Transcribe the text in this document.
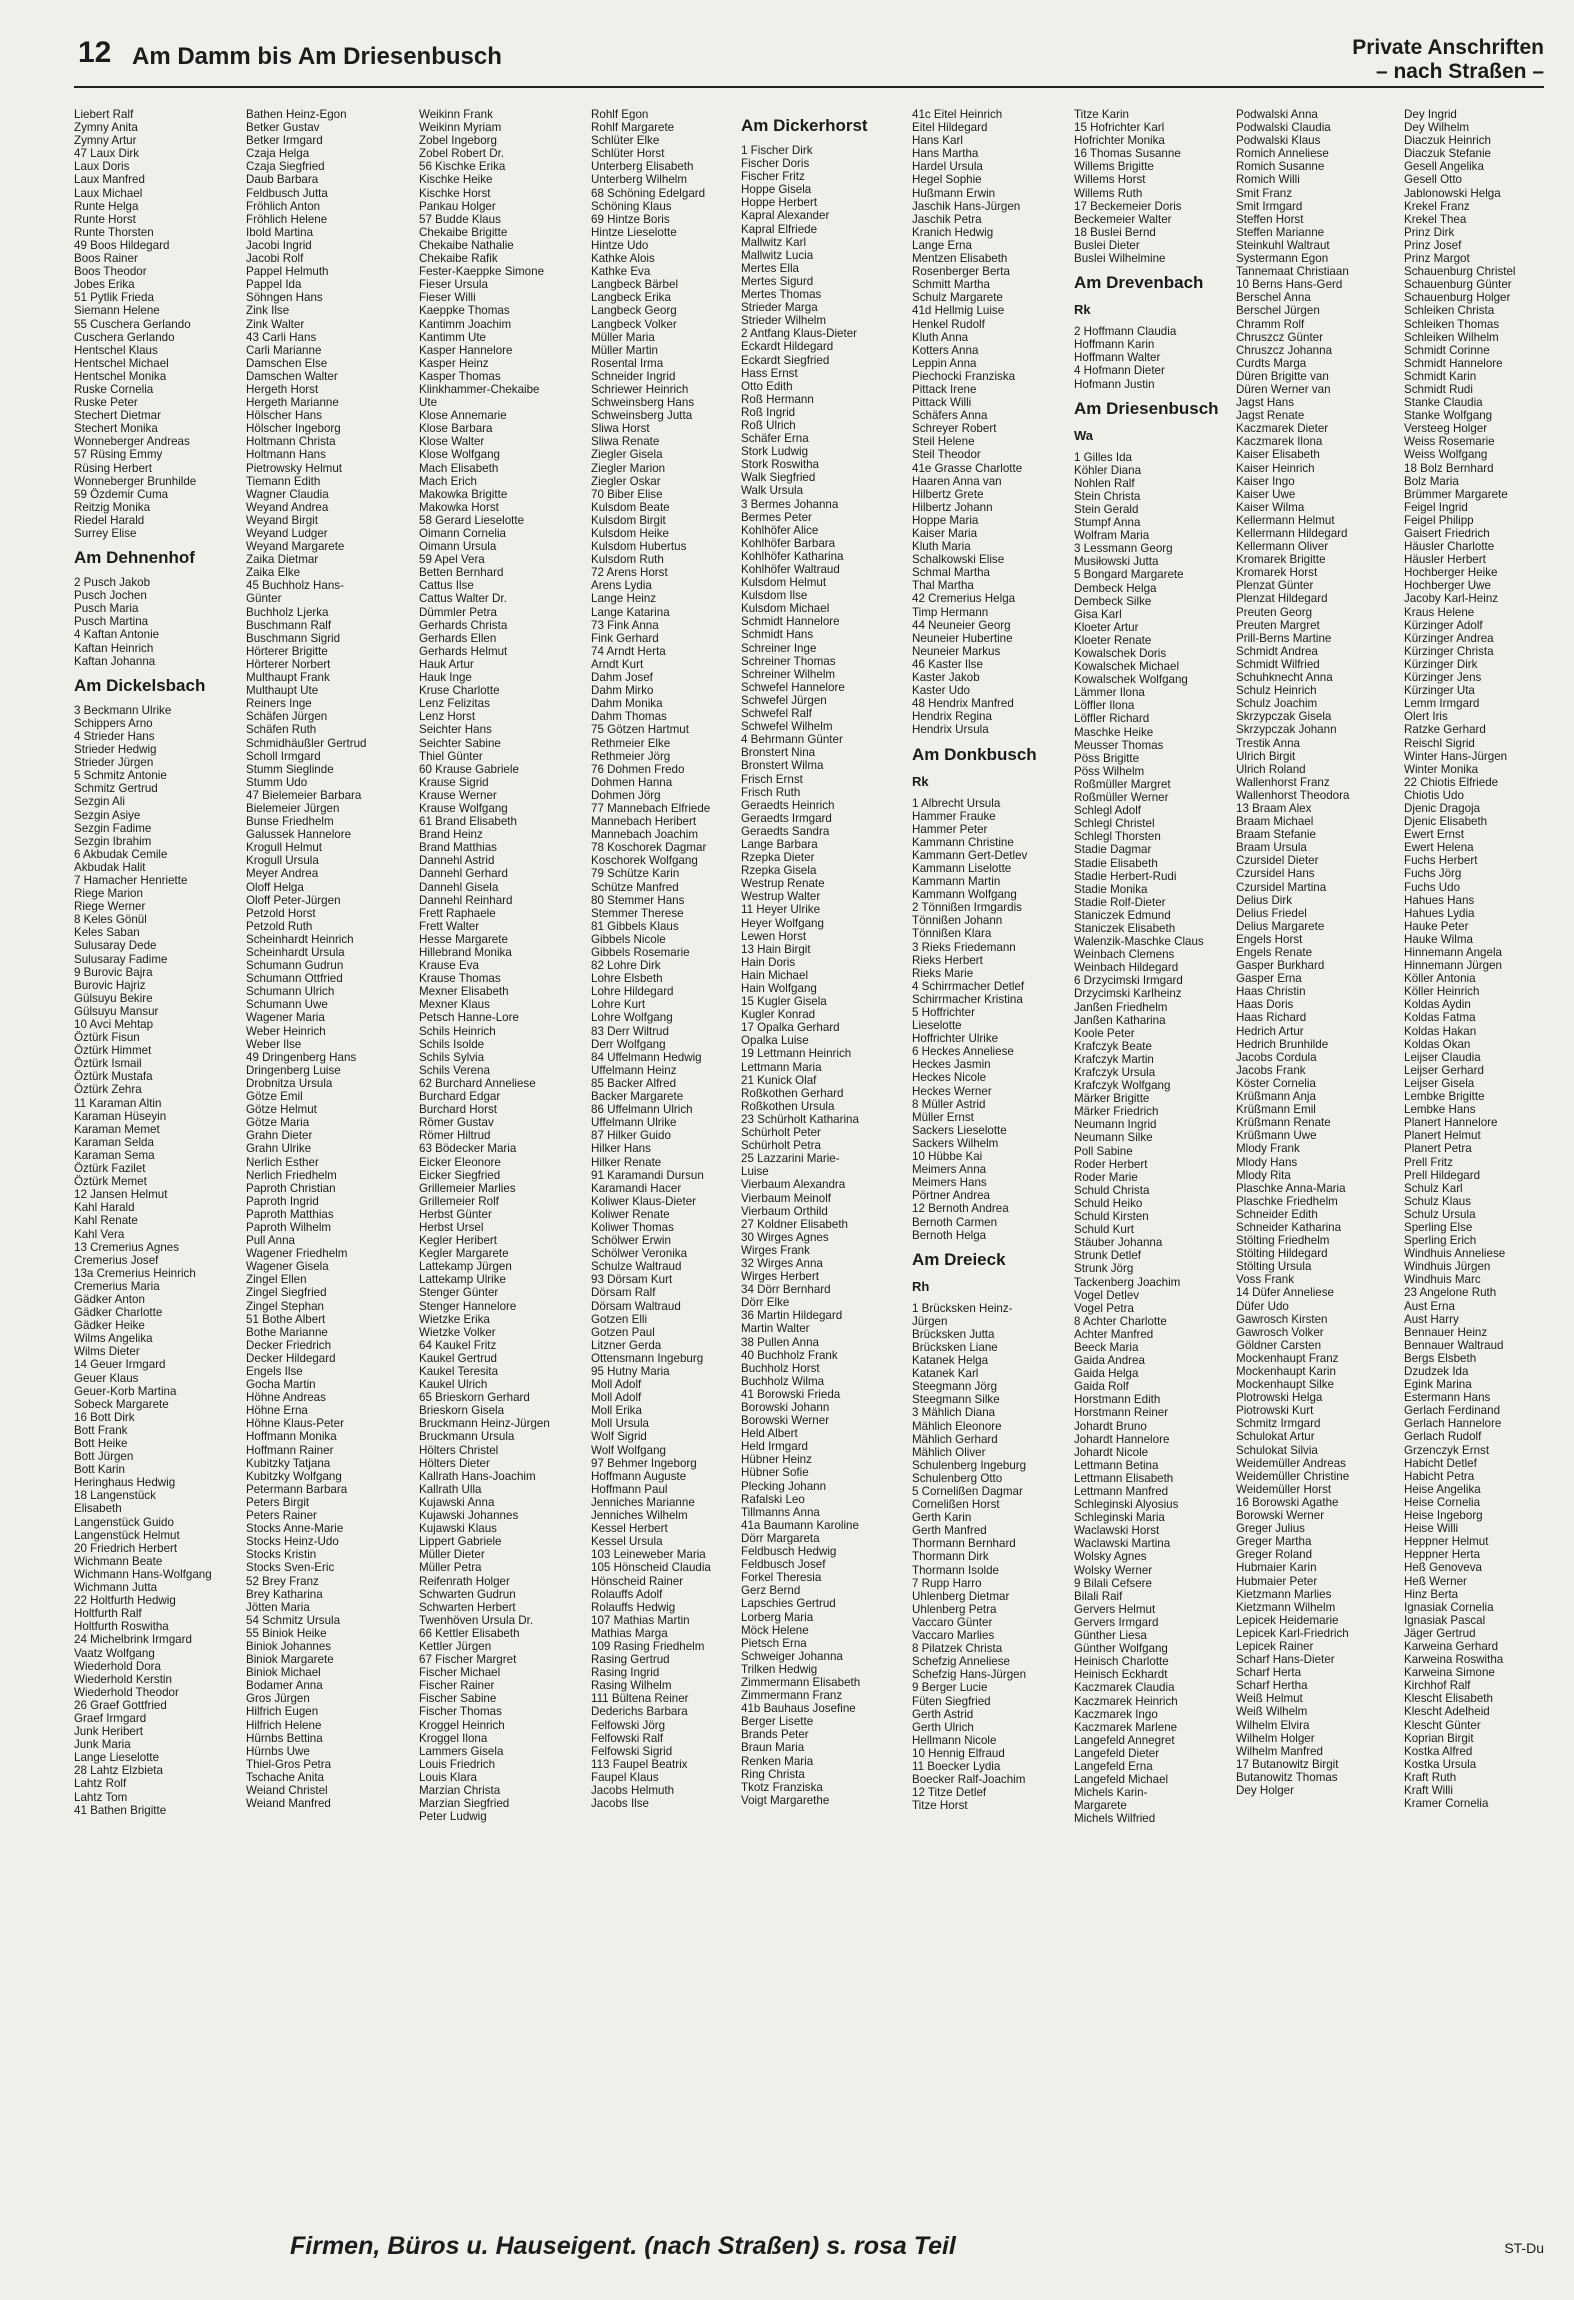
12 Am Damm bis Am Driesenbusch	Private Anschriften
– nach Straßen –
Liebert Ralf
Zymny Anita
Zymny Artur
47 Laux Dirk
Laux Doris
Laux Manfred
Laux Michael
Runte Helga
Runte Horst
Runte Thorsten
49 Boos Hildegard
Boos Rainer
Boos Theodor
Jobes Erika
51 Pytlik Frieda
Siemann Helene
55 Cuschera Gerlando
Cuschera Gerlando
Hentschel Klaus
Hentschel Michael
Hentschel Monika
Ruske Cornelia
Ruske Peter
Stechert Dietmar
Stechert Monika
Wonneberger Andreas
57 Rüsing Emmy
Rüsing Herbert
Wonneberger Brunhilde
59 Özdemir Cuma
Reitzig Monika
Riedel Harald
Surrey Elise
Am Dehnenhof
2 Pusch Jakob
Pusch Jochen
Pusch Maria
Pusch Martina
4 Kaftan Antonie
Kaftan Heinrich
Kaftan Johanna
Am Dickelsbach
3 Beckmann Ulrike
Schippers Arno
4 Strieder Hans
Strieder Hedwig
Strieder Jürgen
5 Schmitz Antonie
Schmitz Gertrud
Sezgin Ali
Sezgin Asiye
Sezgin Fadime
Sezgin Ibrahim
6 Akbudak Cemile
Akbudak Halit
7 Hamacher Henriette
Riege Marion
Riege Werner
8 Keles Gönül
Keles Saban
Sulusaray Dede
Sulusaray Fadime
9 Burovic Bajra
Burovic Hajriz
Gülsuyu Bekire
Gülsuyu Mansur
10 Avci Mehtap
Öztürk Fisun
Öztürk Himmet
Öztürk Ismail
Öztürk Mustafa
Öztürk Zehra
11 Karaman Altin
Karaman Hüseyin
Karaman Memet
Karaman Selda
Karaman Sema
Öztürk Fazilet
Öztürk Memet
12 Jansen Helmut
Kahl Harald
Kahl Renate
Kahl Vera
13 Cremerius Agnes
Cremerius Josef
13a Cremerius Heinrich
Cremerius Maria
Gädker Anton
Gädker Charlotte
Gädker Heike
Wilms Angelika
Wilms Dieter
14 Geuer Irmgard
Geuer Klaus
Geuer-Korb Martina
Sobeck Margarete
16 Bott Dirk
Bott Frank
Bott Heike
Bott Jürgen
Bott Karin
Heringhaus Hedwig
18 Langenstück
Elisabeth
Langenstück Guido
Langenstück Helmut
20 Friedrich Herbert
Wichmann Beate
Wichmann Hans-Wolfgang
Wichmann Jutta
22 Holtfurth Hedwig
Holtfurth Ralf
Holtfurth Roswitha
24 Michelbrink Irmgard
Vaatz Wolfgang
Wiederhold Dora
Wiederhold Kerstin
Wiederhold Theodor
26 Graef Gottfried
Graef Irmgard
Junk Heribert
Junk Maria
Lange Lieselotte
28 Lahtz Elzbieta
Lahtz Rolf
Lahtz Tom
41 Bathen Brigitte
Bathen Heinz-Egon
Betker Gustav
Betker Irmgard
Czaja Helga
Czaja Siegfried
Daub Barbara
Feldbusch Jutta
Fröhlich Anton
Fröhlich Helene
Ibold Martina
Jacobi Ingrid
Jacobi Rolf
Pappel Helmuth
Pappel Ida
Söhngen Hans
Zink Ilse
Zink Walter
43 Carli Hans
Carli Marianne
Damschen Else
Damschen Walter
Hergeth Horst
Hergeth Marianne
Hölscher Hans
Hölscher Ingeborg
Holtmann Christa
Holtmann Hans
Pietrowsky Helmut
Tiemann Edith
Wagner Claudia
Weyand Andrea
Weyand Birgit
Weyand Ludger
Weyand Margarete
Zaika Dietmar
Zaika Elke
45 Buchholz Hans-
Günter
Buchholz Ljerka
Buschmann Ralf
Buschmann Sigrid
Hörterer Brigitte
Hörterer Norbert
Multhaupt Frank
Multhaupt Ute
Reiners Inge
Schäfen Jürgen
Schäfen Ruth
Schmidhäußler Gertrud
Scholl Irmgard
Stumm Sieglinde
Stumm Udo
47 Bielemeier Barbara
Bielemeier Jürgen
Bunse Friedhelm
Galussek Hannelore
Krogull Helmut
Krogull Ursula
Meyer Andrea
Oloff Helga
Oloff Peter-Jürgen
Petzold Horst
Petzold Ruth
Scheinhardt Heinrich
Scheinhardt Ursula
Schumann Gudrun
Schumann Ottfried
Schumann Ulrich
Schumann Uwe
Wagener Maria
Weber Heinrich
Weber Ilse
49 Dringenberg Hans
Dringenberg Luise
Drobnitza Ursula
Götze Emil
Götze Helmut
Götze Maria
Grahn Dieter
Grahn Ulrike
Nerlich Esther
Nerlich Friedhelm
Paproth Christian
Paproth Ingrid
Paproth Matthias
Paproth Wilhelm
Pull Anna
Wagener Friedhelm
Wagener Gisela
Zingel Ellen
Zingel Siegfried
Zingel Stephan
51 Bothe Albert
Bothe Marianne
Decker Friedrich
Decker Hildegard
Engels Ilse
Gocha Martin
Höhne Andreas
Höhne Erna
Höhne Klaus-Peter
Hoffmann Monika
Hoffmann Rainer
Kubitzky Tatjana
Kubitzky Wolfgang
Petermann Barbara
Peters Birgit
Peters Rainer
Stocks Anne-Marie
Stocks Heinz-Udo
Stocks Kristin
Stocks Sven-Eric
52 Brey Franz
Brey Katharina
Jötten Maria
54 Schmitz Ursula
55 Biniok Heike
Biniok Johannes
Biniok Margarete
Biniok Michael
Bodamer Anna
Gros Jürgen
Hilfrich Eugen
Hilfrich Helene
Hürnbs Bettina
Hürnbs Uwe
Thiel-Gros Petra
Tschache Anita
Weiand Christel
Weiand Manfred
Weikinn Frank
Weikinn Myriam
Zobel Ingeborg
Zobel Robert Dr.
56 Kischke Erika
Kischke Heike
Kischke Horst
Pankau Holger
57 Budde Klaus
Chekaibe Brigitte
Chekaibe Nathalie
Chekaibe Rafik
Fester-Kaeppke Simone
Fieser Ursula
Fieser Willi
Kaeppke Thomas
Kantimm Joachim
Kantimm Ute
Kasper Hannelore
Kasper Heinz
Kasper Thomas
Klinkhammer-Chekaibe
Ute
Klose Annemarie
Klose Barbara
Klose Walter
Klose Wolfgang
Mach Elisabeth
Mach Erich
Makowka Brigitte
Makowka Horst
58 Gerard Lieselotte
Oimann Cornelia
Oimann Ursula
59 Apel Vera
Betten Bernhard
Cattus Ilse
Cattus Walter Dr.
Dümmler Petra
Gerhards Christa
Gerhards Ellen
Gerhards Helmut
Hauk Artur
Hauk Inge
Kruse Charlotte
Lenz Felizitas
Lenz Horst
Seichter Hans
Seichter Sabine
Thiel Günter
60 Krause Gabriele
Krause Sigrid
Krause Werner
Krause Wolfgang
61 Brand Elisabeth
Brand Heinz
Brand Matthias
Dannehl Astrid
Dannehl Gerhard
Dannehl Gisela
Dannehl Reinhard
Frett Raphaele
Frett Walter
Hesse Margarete
Hillebrand Monika
Krause Eva
Krause Thomas
Mexner Elisabeth
Mexner Klaus
Petsch Hanne-Lore
Schils Heinrich
Schils Isolde
Schils Sylvia
Schils Verena
62 Burchard Anneliese
Burchard Edgar
Burchard Horst
Römer Gustav
Römer Hiltrud
63 Bödecker Maria
Eicker Eleonore
Eicker Siegfried
Grillemeier Marlies
Grillemeier Rolf
Herbst Günter
Herbst Ursel
Kegler Heribert
Kegler Margarete
Lattekamp Jürgen
Lattekamp Ulrike
Stenger Günter
Stenger Hannelore
Wietzke Erika
Wietzke Volker
64 Kaukel Fritz
Kaukel Gertrud
Kaukel Teresita
Kaukel Ulrich
65 Brieskorn Gerhard
Brieskorn Gisela
Bruckmann Heinz-Jürgen
Bruckmann Ursula
Hölters Christel
Hölters Dieter
Kallrath Hans-Joachim
Kallrath Ulla
Kujawski Anna
Kujawski Johannes
Kujawski Klaus
Lippert Gabriele
Müller Dieter
Müller Petra
Reifenrath Holger
Schwarten Gudrun
Schwarten Herbert
Twenhöven Ursula Dr.
66 Kettler Elisabeth
Kettler Jürgen
67 Fischer Margret
Fischer Michael
Fischer Rainer
Fischer Sabine
Fischer Thomas
Kroggel Heinrich
Kroggel Ilona
Lammers Gisela
Louis Friedrich
Louis Klara
Marzian Christa
Marzian Siegfried
Peter Ludwig
Rohlf Egon
Rohlf Margarete
Schlüter Elke
Schlüter Horst
Unterberg Elisabeth
Unterberg Wilhelm
68 Schöning Edelgard
Schöning Klaus
69 Hintze Boris
Hintze Lieselotte
Hintze Udo
Kathke Alois
Kathke Eva
Langbeck Bärbel
Langbeck Erika
Langbeck Georg
Langbeck Volker
Müller Maria
Müller Martin
Rosental Irma
Schneider Ingrid
Schriewer Heinrich
Schweinsberg Hans
Schweinsberg Jutta
Sliwa Horst
Sliwa Renate
Ziegler Gisela
Ziegler Marion
Ziegler Oskar
70 Biber Elise
Kulsdom Beate
Kulsdom Birgit
Kulsdom Heike
Kulsdom Hubertus
Kulsdom Ruth
72 Arens Horst
Arens Lydia
Lange Heinz
Lange Katarina
73 Fink Anna
Fink Gerhard
74 Arndt Herta
Arndt Kurt
Dahm Josef
Dahm Mirko
Dahm Monika
Dahm Thomas
75 Götzen Hartmut
Rethmeier Elke
Rethmeier Jörg
76 Dohmen Fredo
Dohmen Hanna
Dohmen Jörg
77 Mannebach Elfriede
Mannebach Heribert
Mannebach Joachim
78 Koschorek Dagmar
Koschorek Wolfgang
79 Schütze Karin
Schütze Manfred
80 Stemmer Hans
Stemmer Therese
81 Gibbels Klaus
Gibbels Nicole
Gibbels Rosemarie
82 Lohre Dirk
Lohre Elsbeth
Lohre Hildegard
Lohre Kurt
Lohre Wolfgang
83 Derr Wiltrud
Derr Wolfgang
84 Uffelmann Hedwig
Uffelmann Heinz
85 Backer Alfred
Backer Margarete
86 Uffelmann Ulrich
Uffelmann Ulrike
87 Hilker Guido
Hilker Hans
Hilker Renate
91 Karamandi Dursun
Karamandi Hacer
Koliwer Klaus-Dieter
Koliwer Renate
Koliwer Thomas
Schölwer Erwin
Schölwer Veronika
Schulze Waltraud
93 Dörsam Kurt
Dörsam Ralf
Dörsam Waltraud
Gotzen Elli
Gotzen Paul
Litzner Gerda
Ottensmann Ingeburg
95 Hutny Maria
Moll Adolf
Moll Adolf
Moll Erika
Moll Ursula
Wolf Sigrid
Wolf Wolfgang
97 Behmer Ingeborg
Hoffmann Auguste
Hoffmann Paul
Jenniches Marianne
Jenniches Wilhelm
Kessel Herbert
Kessel Ursula
103 Leineweber Maria
105 Hönscheid Claudia
Hönscheid Rainer
Rolauffs Adolf
Rolauffs Hedwig
107 Mathias Martin
Mathias Marga
109 Rasing Friedhelm
Rasing Gertrud
Rasing Ingrid
Rasing Wilhelm
111 Bültena Reiner
Dederichs Barbara
Felfowski Jörg
Felfowski Ralf
Felfowski Sigrid
113 Faupel Beatrix
Faupel Klaus
Jacobs Helmuth
Jacobs Ilse
Am Dickerhorst
1 Fischer Dirk
Fischer Doris
Fischer Fritz
Hoppe Gisela
Hoppe Herbert
Kapral Alexander
Kapral Elfriede
Mallwitz Karl
Mallwitz Lucia
Mertes Ella
Mertes Sigurd
Mertes Thomas
Strieder Marga
Strieder Wilhelm
2 Antfang Klaus-Dieter
Eckardt Hildegard
Eckardt Siegfried
Hass Ernst
Otto Edith
Roß Hermann
Roß Ingrid
Roß Ulrich
Schäfer Erna
Stork Ludwig
Stork Roswitha
Walk Siegfried
Walk Ursula
3 Bermes Johanna
Bermes Peter
Kohlhöfer Alice
Kohlhöfer Barbara
Kohlhöfer Katharina
Kohlhöfer Waltraud
Kulsdom Helmut
Kulsdom Ilse
Kulsdom Michael
Schmidt Hannelore
Schmidt Hans
Schreiner Inge
Schreiner Thomas
Schreiner Wilhelm
Schwefel Hannelore
Schwefel Jürgen
Schwefel Ralf
Schwefel Wilhelm
4 Behrmann Günter
Bronstert Nina
Bronstert Wilma
Frisch Ernst
Frisch Ruth
Geraedts Heinrich
Geraedts Irmgard
Geraedts Sandra
Lange Barbara
Rzepka Dieter
Rzepka Gisela
Westrup Renate
Westrup Walter
11 Heyer Ulrike
Heyer Wolfgang
Lewen Horst
13 Hain Birgit
Hain Doris
Hain Michael
Hain Wolfgang
15 Kugler Gisela
Kugler Konrad
17 Opalka Gerhard
Opalka Luise
19 Lettmann Heinrich
Lettmann Maria
21 Kunick Olaf
Roßkothen Gerhard
Roßkothen Ursula
23 Schürholt Katharina
Schürholt Peter
Schürholt Petra
25 Lazzarini Marie-
Luise
Vierbaum Alexandra
Vierbaum Meinolf
Vierbaum Orthild
27 Koldner Elisabeth
30 Wirges Agnes
Wirges Frank
32 Wirges Anna
Wirges Herbert
34 Dörr Bernhard
Dörr Elke
36 Martin Hildegard
Martin Walter
38 Pullen Anna
40 Buchholz Frank
Buchholz Horst
Buchholz Wilma
41 Borowski Frieda
Borowski Johann
Borowski Werner
Held Albert
Held Irmgard
Hübner Heinz
Hübner Sofie
Plecking Johann
Rafalski Leo
Tillmanns Anna
41a Baumann Karoline
Dörr Margareta
Feldbusch Hedwig
Feldbusch Josef
Forkel Theresia
Gerz Bernd
Lapschies Gertrud
Lorberg Maria
Möck Helene
Pietsch Erna
Schweiger Johanna
Trilken Hedwig
Zimmermann Elisabeth
Zimmermann Franz
41b Bauhaus Josefine
Berger Lisette
Brands Peter
Braun Maria
Renken Maria
Ring Christa
Tkotz Franziska
Voigt Margarethe
41c Eitel Heinrich
Eitel Hildegard
Hans Karl
Hans Martha
Hardel Ursula
Hegel Sophie
Hußmann Erwin
Jaschik Hans-Jürgen
Jaschik Petra
Kranich Hedwig
Lange Erna
Mentzen Elisabeth
Rosenberger Berta
Schmitt Martha
Schulz Margarete
41d Hellmig Luise
Henkel Rudolf
Kluth Anna
Kotters Anna
Leppin Anna
Piechocki Franziska
Pittack Irene
Pittack Willi
Schäfers Anna
Schreyer Robert
Steil Helene
Steil Theodor
41e Grasse Charlotte
Haaren Anna van
Hilbertz Grete
Hilbertz Johann
Hoppe Maria
Kaiser Maria
Kluth Maria
Schalkowski Elise
Schmal Martha
Thal Martha
42 Cremerius Helga
Timp Hermann
44 Neuneier Georg
Neuneier Hubertine
Neuneier Markus
46 Kaster Ilse
Kaster Jakob
Kaster Udo
48 Hendrix Manfred
Hendrix Regina
Hendrix Ursula
Am Donkbusch
Rk
1 Albrecht Ursula
Hammer Frauke
Hammer Peter
Kammann Christine
Kammann Gert-Detlev
Kammann Liselotte
Kammann Martin
Kammann Wolfgang
2 Tönnißen Irmgardis
Tönnißen Johann
Tönnißen Klara
3 Rieks Friedemann
Rieks Herbert
Rieks Marie
4 Schirrmacher Detlef
Schirrmacher Kristina
5 Hoffrichter
Lieselotte
Hoffrichter Ulrike
6 Heckes Anneliese
Heckes Jasmin
Heckes Nicole
Heckes Werner
8 Müller Astrid
Müller Ernst
Sackers Lieselotte
Sackers Wilhelm
10 Hübbe Kai
Meimers Anna
Meimers Hans
Pörtner Andrea
12 Bernoth Andrea
Bernoth Carmen
Bernoth Helga
Am Dreieck
Rh
1 Brücksken Heinz-
Jürgen
Brücksken Jutta
Brücksken Liane
Katanek Helga
Katanek Karl
Steegmann Jörg
Steegmann Silke
3 Mählich Diana
Mählich Eleonore
Mählich Gerhard
Mählich Oliver
Schulenberg Ingeburg
Schulenberg Otto
5 Cornelißen Dagmar
Cornelißen Horst
Gerth Karin
Gerth Manfred
Thormann Bernhard
Thormann Dirk
Thormann Isolde
7 Rupp Harro
Uhlenberg Dietmar
Uhlenberg Petra
Vaccaro Günter
Vaccaro Marlies
8 Pilatzek Christa
Schefzig Anneliese
Schefzig Hans-Jürgen
9 Berger Lucie
Füten Siegfried
Gerth Astrid
Gerth Ulrich
Hellmann Nicole
10 Hennig Elfraud
11 Boecker Lydia
Boecker Ralf-Joachim
12 Titze Detlef
Titze Horst
Titze Karin
15 Hofrichter Karl
Hofrichter Monika
16 Thomas Susanne
Willems Brigitte
Willems Horst
Willems Ruth
17 Beckemeier Doris
Beckemeier Walter
18 Buslei Bernd
Buslei Dieter
Buslei Wilhelmine
Am Drevenbach
Rk
2 Hoffmann Claudia
Hoffmann Karin
Hoffmann Walter
4 Hofmann Dieter
Hofmann Justin
Am Driesenbusch
Wa
1 Gilles Ida
Köhler Diana
Nohlen Ralf
Stein Christa
Stein Gerald
Stumpf Anna
Wolfram Maria
3 Lessmann Georg
Musiłowski Jutta
5 Bongard Margarete
Dembeck Helga
Dembeck Silke
Gisa Karl
Kloeter Artur
Kloeter Renate
Kowalschek Doris
Kowalschek Michael
Kowalschek Wolfgang
Lämmer Ilona
Löffler Ilona
Löffler Richard
Maschke Heike
Meusser Thomas
Pöss Brigitte
Pöss Wilhelm
Roßmüller Margret
Roßmüller Werner
Schlegl Adolf
Schlegl Christel
Schlegl Thorsten
Stadie Dagmar
Stadie Elisabeth
Stadie Herbert-Rudi
Stadie Monika
Stadie Rolf-Dieter
Staniczek Edmund
Staniczek Elisabeth
Walenzik-Maschke Claus
Weinbach Clemens
Weinbach Hildegard
6 Drzycimski Irmgard
Drzycimski Karlheinz
Janßen Friedhelm
Janßen Katharina
Koole Peter
Krafczyk Beate
Krafczyk Martin
Krafczyk Ursula
Krafczyk Wolfgang
Märker Brigitte
Märker Friedrich
Neumann Ingrid
Neumann Silke
Poll Sabine
Roder Herbert
Roder Marie
Schuld Christa
Schuld Heiko
Schuld Kirsten
Schuld Kurt
Stäuber Johanna
Strunk Detlef
Strunk Jörg
Tackenberg Joachim
Vogel Detlev
Vogel Petra
8 Achter Charlotte
Achter Manfred
Beeck Maria
Gaida Andrea
Gaida Helga
Gaida Rolf
Horstmann Edith
Horstmann Reiner
Johardt Bruno
Johardt Hannelore
Johardt Nicole
Lettmann Betina
Lettmann Elisabeth
Lettmann Manfred
Schleginski Alyosius
Schleginski Maria
Waclawski Horst
Waclawski Martina
Wolsky Agnes
Wolsky Werner
9 Bilali Cefsere
Bilali Raif
Gervers Helmut
Gervers Irmgard
Günther Liesa
Günther Wolfgang
Heinisch Charlotte
Heinisch Eckhardt
Kaczmarek Claudia
Kaczmarek Heinrich
Kaczmarek Ingo
Kaczmarek Marlene
Langefeld Annegret
Langefeld Dieter
Langefeld Erna
Langefeld Michael
Michels Karin-
Margarete
Michels Wilfried
Podwalski Anna
Podwalski Claudia
Podwalski Klaus
Romich Anneliese
Romich Susanne
Romich Willi
Smit Franz
Smit Irmgard
Steffen Horst
Steffen Marianne
Steinkuhl Waltraut
Systermann Egon
Tannemaat Christiaan
10 Berns Hans-Gerd
Berschel Anna
Berschel Jürgen
Chramm Rolf
Chruszcz Günter
Chruszcz Johanna
Curdts Marga
Düren Brigitte van
Düren Werner van
Jagst Hans
Jagst Renate
Kaczmarek Dieter
Kaczmarek Ilona
Kaiser Elisabeth
Kaiser Heinrich
Kaiser Ingo
Kaiser Uwe
Kaiser Wilma
Kellermann Helmut
Kellermann Hildegard
Kellermann Oliver
Kromarek Brigitte
Kromarek Horst
Plenzat Günter
Plenzat Hildegard
Preuten Georg
Preuten Margret
Prill-Berns Martine
Schmidt Andrea
Schmidt Wilfried
Schuhknecht Anna
Schulz Heinrich
Schulz Joachim
Skrzypczak Gisela
Skrzypczak Johann
Trestik Anna
Ulrich Birgit
Ulrich Roland
Wallenhorst Franz
Wallenhorst Theodora
13 Braam Alex
Braam Michael
Braam Stefanie
Braam Ursula
Czursidel Dieter
Czursidel Hans
Czursidel Martina
Delius Dirk
Delius Friedel
Delius Margarete
Engels Horst
Engels Renate
Gasper Burkhard
Gasper Erna
Haas Christin
Haas Doris
Haas Richard
Hedrich Artur
Hedrich Brunhilde
Jacobs Cordula
Jacobs Frank
Köster Cornelia
Krüßmann Anja
Krüßmann Emil
Krüßmann Renate
Krüßmann Uwe
Mlody Frank
Mlody Hans
Mlody Rita
Plaschke Anna-Maria
Plaschke Friedhelm
Schneider Edith
Schneider Katharina
Stölting Friedhelm
Stölting Hildegard
Stölting Ursula
Voss Frank
14 Düfer Anneliese
Düfer Udo
Gawrosch Kirsten
Gawrosch Volker
Göldner Carsten
Mockenhaupt Franz
Mockenhaupt Karin
Mockenhaupt Silke
Plotrowski Helga
Piotrowski Kurt
Schmitz Irmgard
Schulokat Artur
Schulokat Silvia
Weidemüller Andreas
Weidemüller Christine
Weidemüller Horst
16 Borowski Agathe
Borowski Werner
Greger Julius
Greger Martha
Greger Roland
Hubmaier Karin
Hubmaier Peter
Kietzmann Marlies
Kietzmann Wilhelm
Lepicek Heidemarie
Lepicek Karl-Friedrich
Lepicek Rainer
Scharf Hans-Dieter
Scharf Herta
Scharf Hertha
Weiß Helmut
Weiß Wilhelm
Wilhelm Elvira
Wilhelm Holger
Wilhelm Manfred
17 Butanowitz Birgit
Butanowitz Thomas
Dey Holger
Dey Ingrid
Dey Wilhelm
Diaczuk Heinrich
Diaczuk Stefanie
Gesell Angelika
Gesell Otto
Jablonowski Helga
Krekel Franz
Krekel Thea
Prinz Dirk
Prinz Josef
Prinz Margot
Schauenburg Christel
Schauenburg Günter
Schauenburg Holger
Schleiken Christa
Schleiken Thomas
Schleiken Wilhelm
Schmidt Corinne
Schmidt Hannelore
Schmidt Karin
Schmidt Rudi
Stanke Claudia
Stanke Wolfgang
Versteeg Holger
Weiss Rosemarie
Weiss Wolfgang
18 Bolz Bernhard
Bolz Maria
Brümmer Margarete
Feigel Ingrid
Feigel Philipp
Gaisert Friedrich
Häusler Charlotte
Häusler Herbert
Hochberger Heike
Hochberger Uwe
Jacoby Karl-Heinz
Kraus Helene
Kürzinger Adolf
Kürzinger Andrea
Kürzinger Christa
Kürzinger Dirk
Kürzinger Jens
Kürzinger Uta
Lemm Irmgard
Olert Iris
Ratzke Gerhard
Reischl Sigrid
Winter Hans-Jürgen
Winter Monika
22 Chiotis Elfriede
Chiotis Udo
Djenic Dragoja
Djenic Elisabeth
Ewert Ernst
Ewert Helena
Fuchs Herbert
Fuchs Jörg
Fuchs Udo
Hahues Hans
Hahues Lydia
Hauke Peter
Hauke Wilma
Hinnemann Angela
Hinnemann Jürgen
Köller Antonia
Köller Heinrich
Koldas Aydin
Koldas Fatma
Koldas Hakan
Koldas Okan
Leijser Claudia
Leijser Gerhard
Leijser Gisela
Lembke Brigitte
Lembke Hans
Planert Hannelore
Planert Helmut
Planert Petra
Prell Fritz
Prell Hildegard
Schulz Karl
Schulz Klaus
Schulz Ursula
Sperling Else
Sperling Erich
Windhuis Anneliese
Windhuis Jürgen
Windhuis Marc
23 Angelone Ruth
Aust Erna
Aust Harry
Bennauer Heinz
Bennauer Waltraud
Bergs Elsbeth
Dzudzek Ida
Egink Marina
Estermann Hans
Gerlach Ferdinand
Gerlach Hannelore
Gerlach Rudolf
Grzenczyk Ernst
Habicht Detlef
Habicht Petra
Heise Angelika
Heise Cornelia
Heise Ingeborg
Heise Willi
Heppner Helmut
Heppner Herta
Heß Genoveva
Heß Werner
Hinz Berta
Ignasiak Cornelia
Ignasiak Pascal
Jäger Gertrud
Karweina Gerhard
Karweina Roswitha
Karweina Simone
Kirchhof Ralf
Klescht Elisabeth
Klescht Adelheid
Klescht Günter
Koprian Birgit
Kostka Alfred
Kostka Ursula
Kraft Ruth
Kraft Willi
Kramer Cornelia
Firmen, Büros u. Hauseigent. (nach Straßen) s. rosa Teil	ST-Du
